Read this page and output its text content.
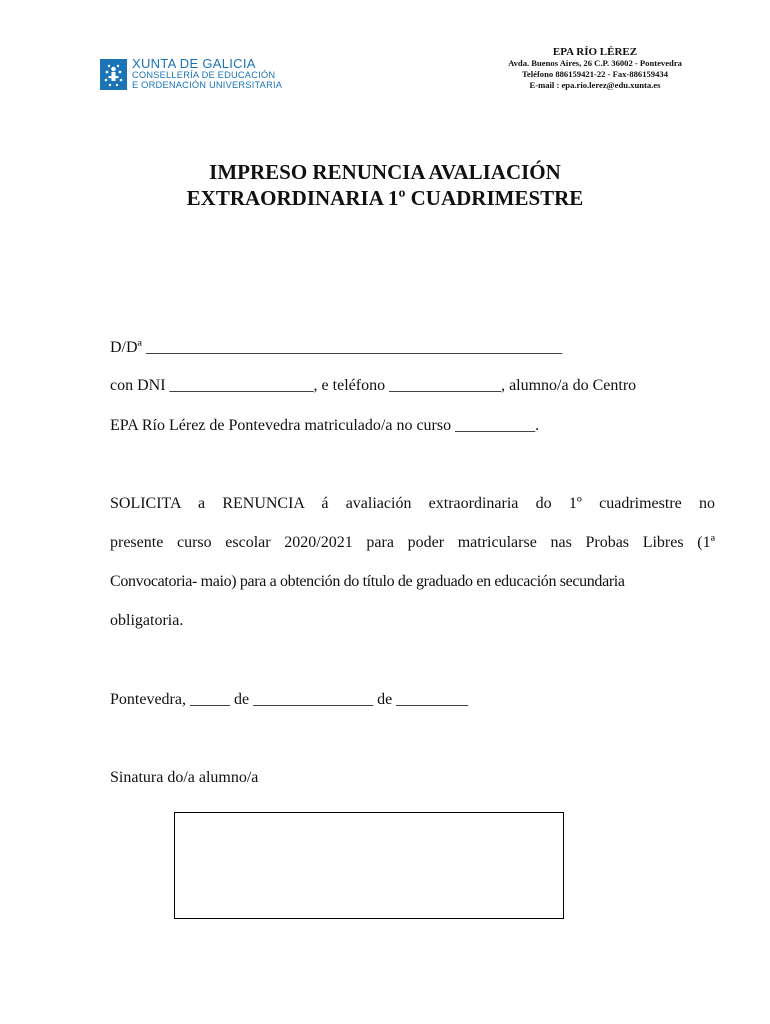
XUNTA DE GALICIA
CONSELLERÍA DE EDUCACIÓN
E ORDENACIÓN UNIVERSITARIA
EPA RÍO LÉREZ
Avda. Buenos Aires, 26 C.P. 36002 - Pontevedra
Teléfono 886159421-22 - Fax-886159434
E-mail : epa.rio.lerez@edu.xunta.es
IMPRESO RENUNCIA AVALIACIÓN
EXTRAORDINARIA 1º CUADRIMESTRE
D/Dª ____________________________________________________
con DNI __________________, e teléfono ______________, alumno/a do Centro
EPA Río Lérez de Pontevedra matriculado/a no curso __________.
SOLICITA a RENUNCIA á avaliación extraordinaria do 1º cuadrimestre no
presente curso escolar 2020/2021 para poder matricularse nas Probas Libres (1ª
Convocatoria- maio) para a obtención do título de graduado en educación secundaria
obligatoria.
Pontevedra, _____ de _______________ de _________
Sinatura do/a alumno/a
